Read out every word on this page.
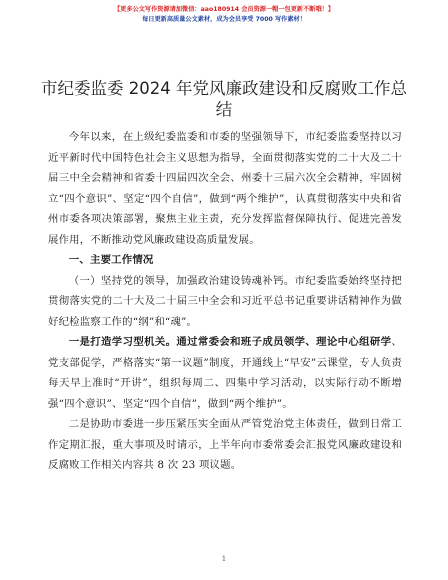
【更多公文写作资源请加微信：aao180914 会员资源一帽一包更新不断哦！】
每日更新高质量公文素材，成为会员享受 7000 写作素材！
市纪委监委 2024 年党风廉政建设和反腐败工作总结

今年以来，在上级纪委监委和市委的坚强领导下，市纪委监委坚持以习近平新时代中国特色社会主义思想为指导，全面贯彻落实党的二十大及二十届三中全会精神和省委十四届四次全会、州委十三届六次全会精神，牢固树立“四个意识”、坚定“四个自信”，做到“两个维护”，认真贯彻落实中央和省州市委各项决策部署，聚焦主业主责，充分发挥监督保障执行、促进完善发展作用，不断推动党风廉政建设高质量发展。

一、主要工作情况

（一）坚持党的领导，加强政治建设铸魂补钙。市纪委监委始终坚持把贯彻落实党的二十大及二十届三中全会和习近平总书记重要讲话精神作为做好纪检监察工作的“纲”和“魂”。

一是打造学习型机关。通过常委会和班子成员领学、理论中心组研学、党支部促学，严格落实“第一议题”制度，开通线上“早安”云课堂，专人负责每天早上准时“开讲”，组织每周二、四集中学习活动，以实际行动不断增强“四个意识”、坚定“四个自信”，做到“两个维护”。

二是协助市委进一步压紧压实全面从严管党治党主体责任，做到日常工作定期汇报，重大事项及时请示，上半年向市委常委会汇报党风廉政建设和反腐败工作相关内容共 8 次 23 项议题。

1
